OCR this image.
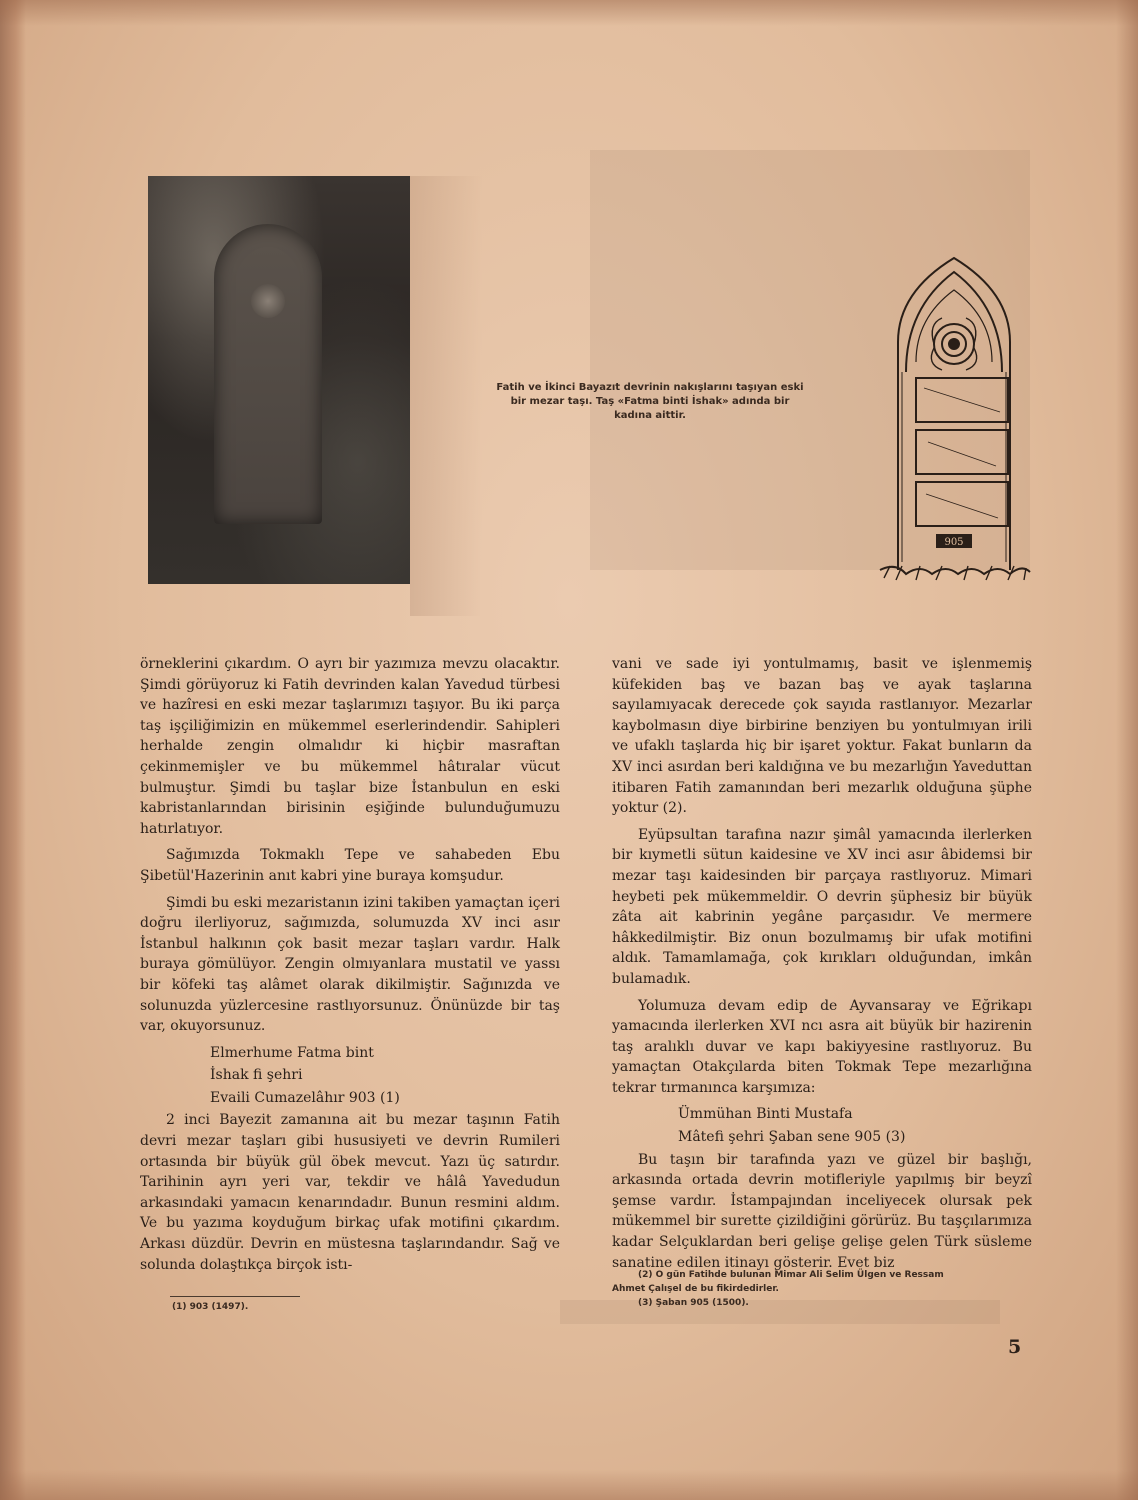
Fatih ve İkinci Bayazıt devrinin nakışlarını taşıyan eski
bir mezar taşı. Taş «Fatma binti İshak» adında bir
kadına aittir.
905

örneklerini çıkardım. O ayrı bir yazımıza mevzu olacaktır. Şimdi görüyoruz ki Fatih devrinden kalan Yavedud türbesi ve hazîresi en eski mezar taşlarımızı taşıyor. Bu iki parça taş işçiliğimizin en mükemmel eserlerindendir. Sahipleri herhalde zengin olmalıdır ki hiçbir masraftan çekinmemişler ve bu mükemmel hâtıralar vücut bulmuştur. Şimdi bu taşlar bize İstanbulun en eski kabristanlarından birisinin eşiğinde bulunduğumuzu hatırlatıyor.

Sağımızda Tokmaklı Tepe ve sahabeden Ebu Şibetül'Hazerinin anıt kabri yine buraya komşudur.

Şimdi bu eski mezaristanın izini takiben yamaçtan içeri doğru ilerliyoruz, sağımızda, solumuzda XV inci asır İstanbul halkının çok basit mezar taşları vardır. Halk buraya gömülüyor. Zengin olmıyanlara mustatil ve yassı bir köfeki taş alâmet olarak dikilmiştir. Sağınızda ve solunuzda yüzlercesine rastlıyorsunuz. Önünüzde bir taş var, okuyorsunuz.

Elmerhume Fatma bint
İshak fi şehri
Evaili Cumazelâhır 903 (1)

2 inci Bayezit zamanına ait bu mezar taşının Fatih devri mezar taşları gibi hususiyeti ve devrin Rumileri ortasında bir büyük gül öbek mevcut. Yazı üç satırdır. Tarihinin ayrı yeri var, tekdir ve hâlâ Yavedudun arkasındaki yamacın kenarındadır. Bunun resmini aldım. Ve bu yazıma koyduğum birkaç ufak motifini çıkardım. Arkası düzdür. Devrin en müstesna taşlarındandır. Sağ ve solunda dolaştıkça birçok istı-

(1) 903 (1497).

vani ve sade iyi yontulmamış, basit ve işlenmemiş küfekiden baş ve bazan baş ve ayak taşlarına sayılamıyacak derecede çok sayıda rastlanıyor. Mezarlar kaybolmasın diye birbirine benziyen bu yontulmıyan irili ve ufaklı taşlarda hiç bir işaret yoktur. Fakat bunların da XV inci asırdan beri kaldığına ve bu mezarlığın Yaveduttan itibaren Fatih zamanından beri mezarlık olduğuna şüphe yoktur (2).

Eyüpsultan tarafına nazır şimâl yamacında ilerlerken bir kıymetli sütun kaidesine ve XV inci asır âbidemsi bir mezar taşı kaidesinden bir parçaya rastlıyoruz. Mimari heybeti pek mükemmeldir. O devrin şüphesiz bir büyük zâta ait kabrinin yegâne parçasıdır. Ve mermere hâkkedilmiştir. Biz onun bozulmamış bir ufak motifini aldık. Tamamlamağa, çok kırıkları olduğundan, imkân bulamadık.

Yolumuza devam edip de Ayvansaray ve Eğrikapı yamacında ilerlerken XVI ncı asra ait büyük bir hazirenin taş aralıklı duvar ve kapı bakiyyesine rastlıyoruz. Bu yamaçtan Otakçılarda biten Tokmak Tepe mezarlığına tekrar tırmanınca karşımıza:

Ümmühan Binti Mustafa
Mâtefi şehri Şaban sene 905 (3)

Bu taşın bir tarafında yazı ve güzel bir başlığı, arkasında ortada devrin motifleriyle yapılmış bir beyzî şemse vardır. İstampajından inceliyecek olursak pek mükemmel bir surette çizildiğini görürüz. Bu taşçılarımıza kadar Selçuklardan beri gelişe gelişe gelen Türk süsleme sanatine edilen itinayı gösterir. Evet biz

(2) O gün Fatihde bulunan Mimar Ali Selim Ülgen ve Ressam
Ahmet Çalışel de bu fikirdedirler.
(3) Şaban 905 (1500).
5
